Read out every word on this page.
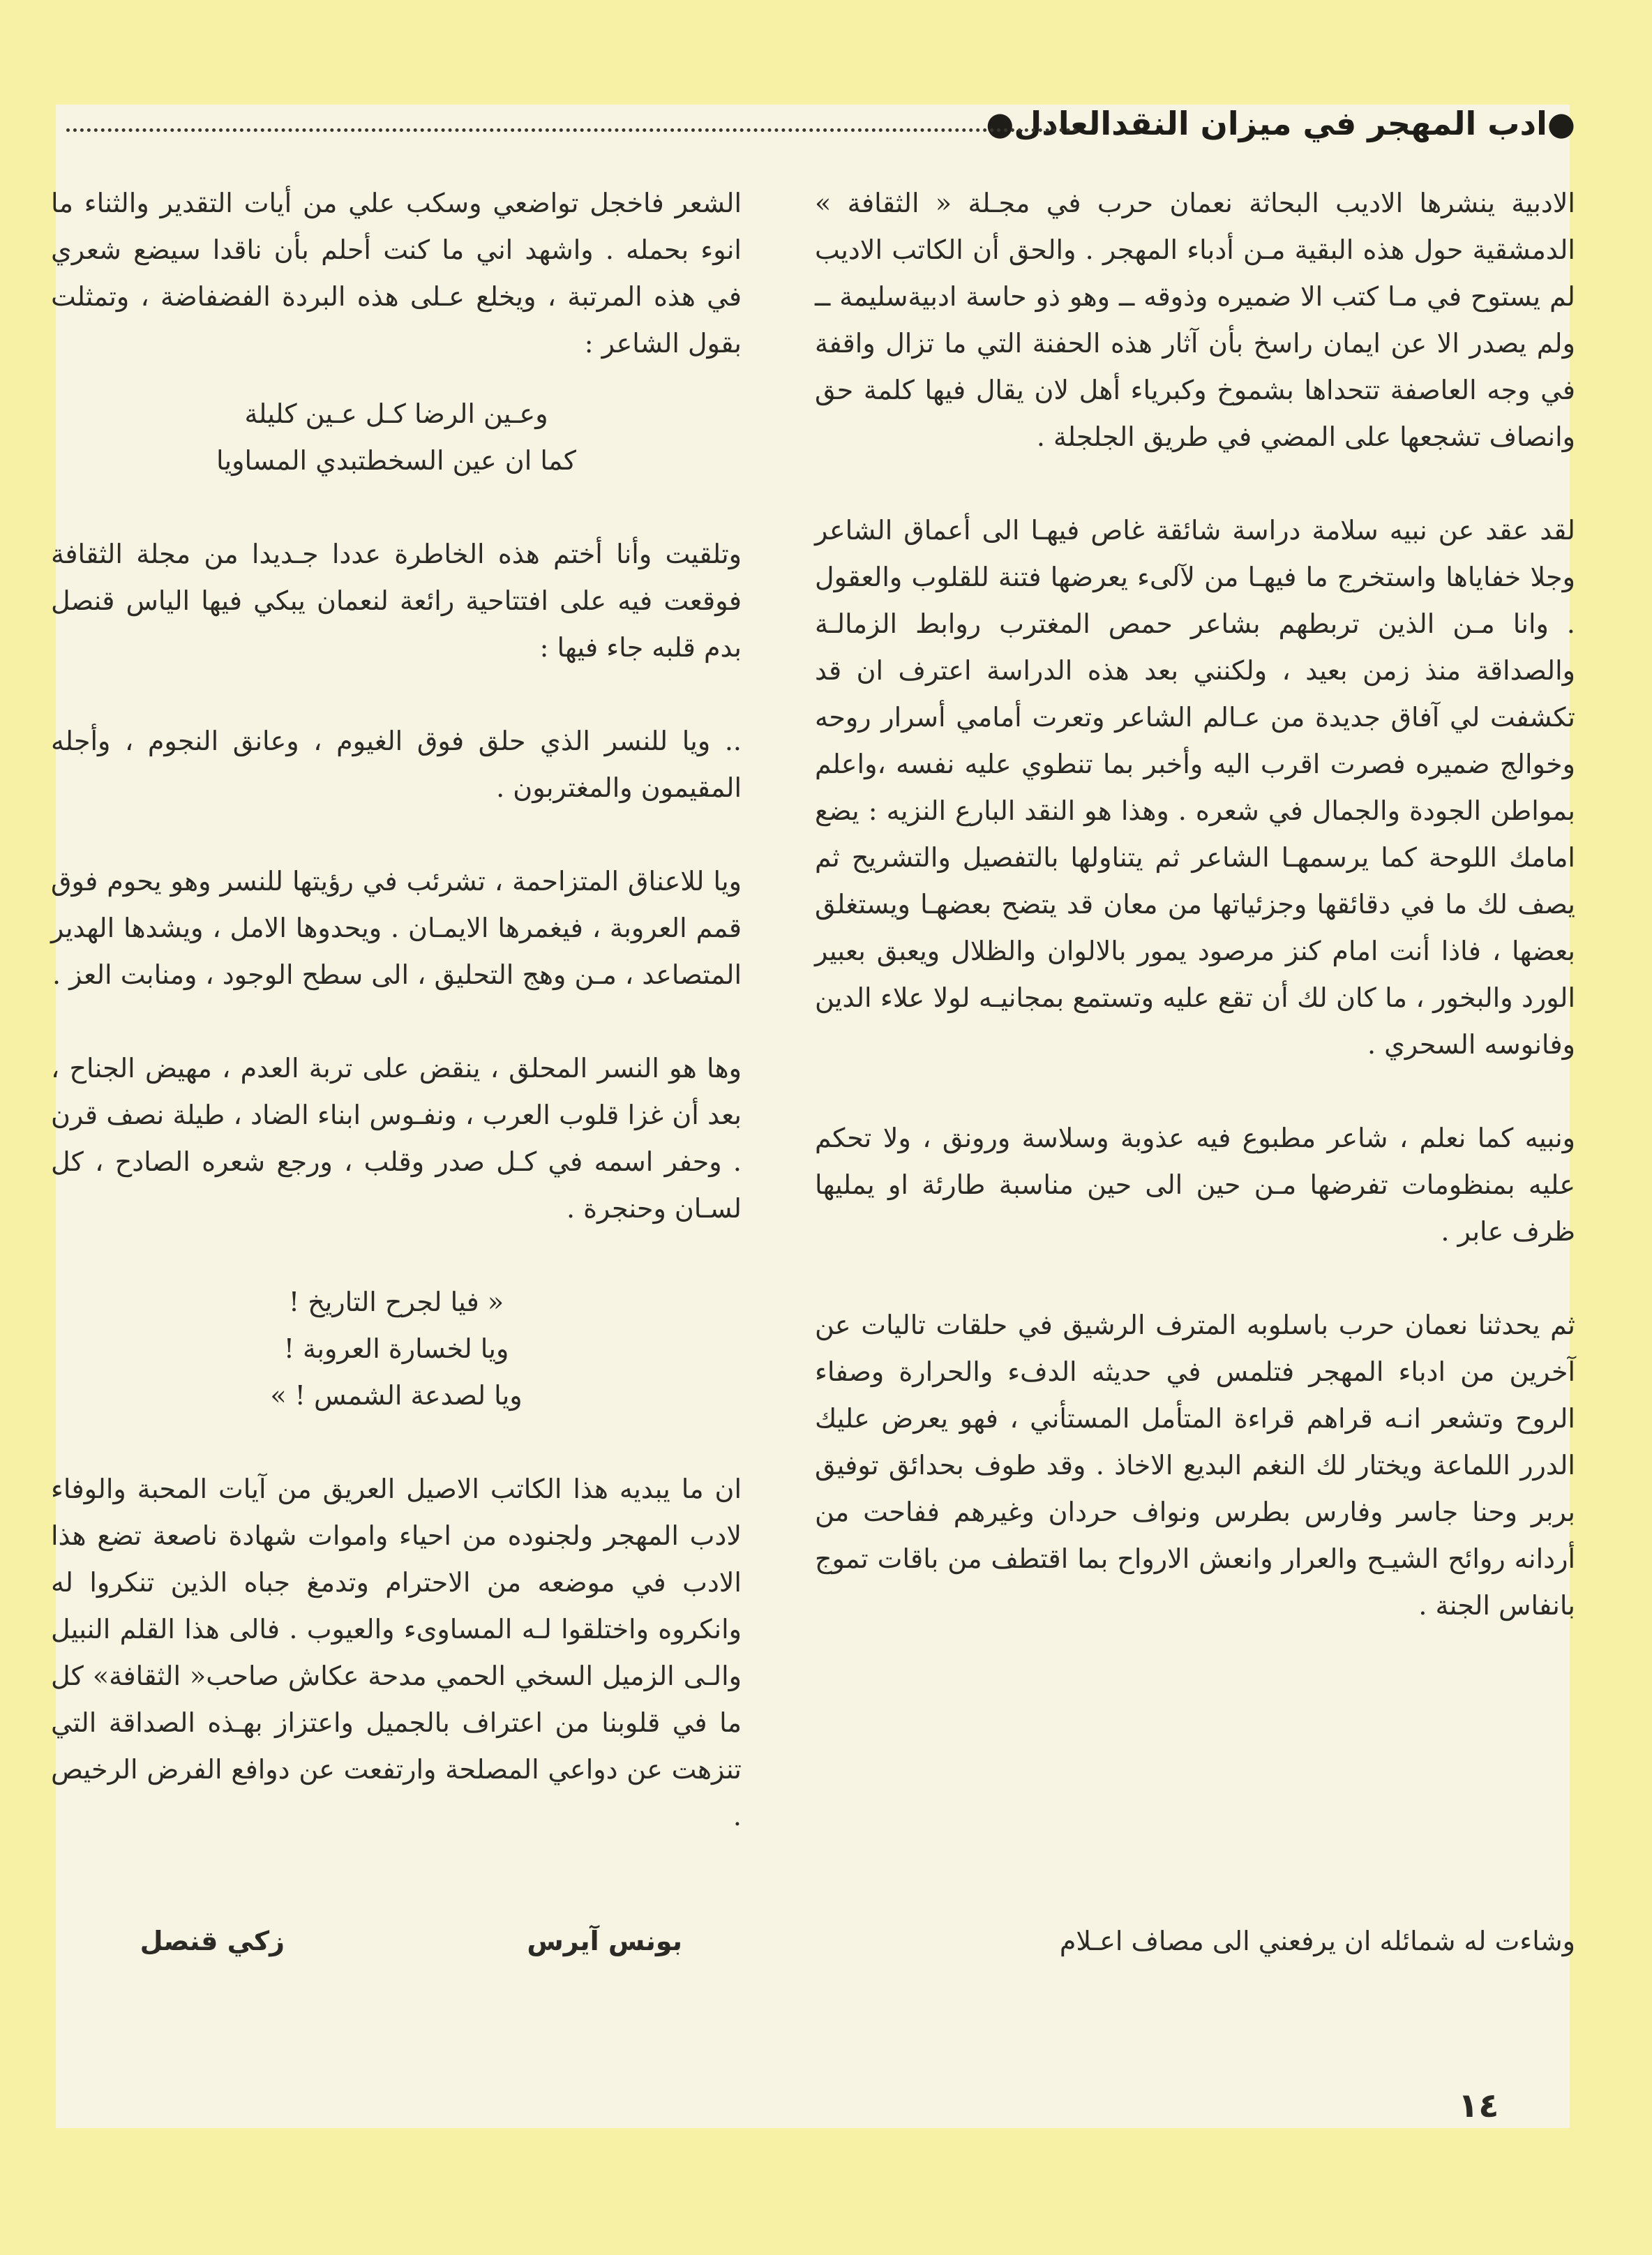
●ادب المهجر في ميزان النقدالعادل●

الادبية ينشرها الاديب البحاثة نعمان حرب في مجـلة « الثقافة » الدمشقية حول هذه البقية مـن أدباء المهجر . والحق أن الكاتب الاديب لم يستوح في مـا كتب الا ضميره وذوقه ــ وهو ذو حاسة ادبيةسليمة ــ ولم يصدر الا عن ايمان راسخ بأن آثار هذه الحفنة التي ما تزال واقفة في وجه العاصفة تتحداها بشموخ وكبرياء أهل لان يقال فيها كلمة حق وانصاف تشجعها على المضي في طريق الجلجلة .

لقد عقد عن نبيه سلامة دراسة شائقة غاص فيهـا الى أعماق الشاعر وجلا خفاياها واستخرج ما فيهـا من لآلىء يعرضها فتنة للقلوب والعقول . وانا مـن الذين تربطهم بشاعر حمص المغترب روابط الزمالـة والصداقة منذ زمن بعيد ، ولكنني بعد هذه الدراسة اعترف ان قد تكشفت لي آفاق جديدة من عـالم الشاعر وتعرت أمامي أسرار روحه وخوالج ضميره فصرت اقرب اليه وأخبر بما تنطوي عليه نفسه ،واعلم بمواطن الجودة والجمال في شعره . وهذا هو النقد البارع النزيه : يضع امامك اللوحة كما يرسمهـا الشاعر ثم يتناولها بالتفصيل والتشريح ثم يصف لك ما في دقائقها وجزئياتها من معان قد يتضح بعضهـا ويستغلق بعضها ، فاذا أنت امام كنز مرصود يمور بالالوان والظلال ويعبق بعبير الورد والبخور ، ما كان لك أن تقع عليه وتستمع بمجانيـه لولا علاء الدين وفانوسه السحري .

ونبيه كما نعلم ، شاعر مطبوع فيه عذوبة وسلاسة ورونق ، ولا تحكم عليه بمنظومات تفرضها مـن حين الى حين مناسبة طارئة او يمليها ظرف عابر .

ثم يحدثنا نعمان حرب باسلوبه المترف الرشيق في حلقات تاليات عن آخرين من ادباء المهجر فتلمس في حديثه الدفء والحرارة وصفاء الروح وتشعر انـه قراهم قراءة المتأمل المستأني ، فهو يعرض عليك الدرر اللماعة ويختار لك النغم البديع الاخاذ . وقد طوف بحدائق توفيق بربر وحنا جاسر وفارس بطرس ونواف حردان وغيرهم ففاحت من أردانه روائح الشيـح والعرار وانعش الارواح بما اقتطف من باقات تموج بانفاس الجنة .

وشاءت له شمائله ان يرفعني الى مصاف اعـلام

الشعر فاخجل تواضعي وسكب علي من أيات التقدير والثناء ما انوء بحمله . واشهد اني ما كنت أحلم بأن ناقدا سيضع شعري في هذه المرتبة ، ويخلع عـلى هذه البردة الفضفاضة ، وتمثلت بقول الشاعر :

وعـين الرضا كـل عـين كليلة
كما ان عين السخطتبدي المساويا

وتلقيت وأنا أختم هذه الخاطرة عددا جـديدا من مجلة الثقافة فوقعت فيه على افتتاحية رائعة لنعمان يبكي فيها الياس قنصل بدم قلبه جاء فيها :

.. ويا للنسر الذي حلق فوق الغيوم ، وعانق النجوم ، وأجله المقيمون والمغتربون .

ويا للاعناق المتزاحمة ، تشرئب في رؤيتها للنسر وهو يحوم فوق قمم العروبة ، فيغمرها الايمـان . ويحدوها الامل ، ويشدها الهدير المتصاعد ، مـن وهج التحليق ، الى سطح الوجود ، ومنابت العز .

وها هو النسر المحلق ، ينقض على تربة العدم ، مهيض الجناح ، بعد أن غزا قلوب العرب ، ونفـوس ابناء الضاد ، طيلة نصف قرن . وحفر اسمه في كـل صدر وقلب ، ورجع شعره الصادح ، كل لسـان وحنجرة .

« فيا لجرح التاريخ !
ويا لخسارة العروبة !
ويا لصدعة الشمس ! »

ان ما يبديه هذا الكاتب الاصيل العريق من آيات المحبة والوفاء لادب المهجر ولجنوده من احياء واموات شهادة ناصعة تضع هذا الادب في موضعه من الاحترام وتدمغ جباه الذين تنكروا له وانكروه واختلقوا لـه المساوىء والعيوب . فالى هذا القلم النبيل والـى الزميل السخي الحمي مدحة عكاش صاحب« الثقافة» كل ما في قلوبنا من اعتراف بالجميل واعتزاز بهـذه الصداقة التي تنزهت عن دواعي المصلحة وارتفعت عن دوافع الفرض الرخيص .

بونس آيرس
زكي قنصل
١٤
